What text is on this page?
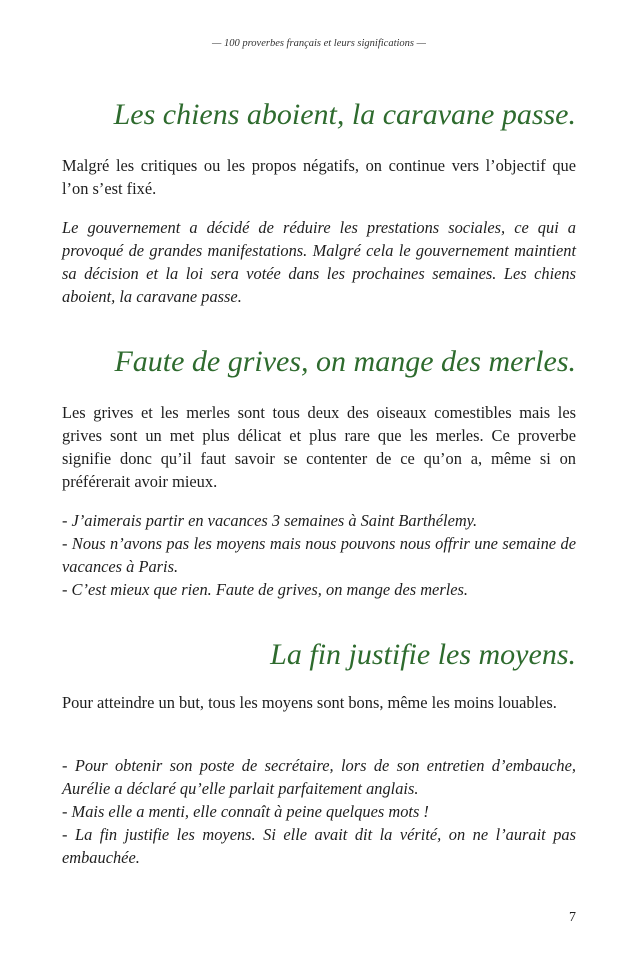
— 100 proverbes français et leurs significations —
Les chiens aboient, la caravane passe.

Malgré les critiques ou les propos négatifs, on continue vers l’objectif que l’on s’est fixé.

Le gouvernement a décidé de réduire les prestations sociales, ce qui a provoqué de grandes manifestations. Malgré cela le gouvernement maintient sa décision et la loi sera votée dans les prochaines semaines. Les chiens aboient, la caravane passe.

Faute de grives, on mange des merles.

Les grives et les merles sont tous deux des oiseaux comestibles mais les grives sont un met plus délicat et plus rare que les merles. Ce proverbe signifie donc qu’il faut savoir se contenter de ce qu’on a, même si on préférerait avoir mieux.

- J’aimerais partir en vacances 3 semaines à Saint Barthélemy.
- Nous n’avons pas les moyens mais nous pouvons nous offrir une semaine de vacances à Paris.
- C’est mieux que rien. Faute de grives, on mange des merles.
La fin justifie les moyens.

Pour atteindre un but, tous les moyens sont bons, même les moins louables.

- Pour obtenir son poste de secrétaire, lors de son entretien d’embauche, Aurélie a déclaré qu’elle parlait parfaitement anglais.
- Mais elle a menti, elle connaît à peine quelques mots !
- La fin justifie les moyens. Si elle avait dit la vérité, on ne l’aurait pas embauchée.
7
